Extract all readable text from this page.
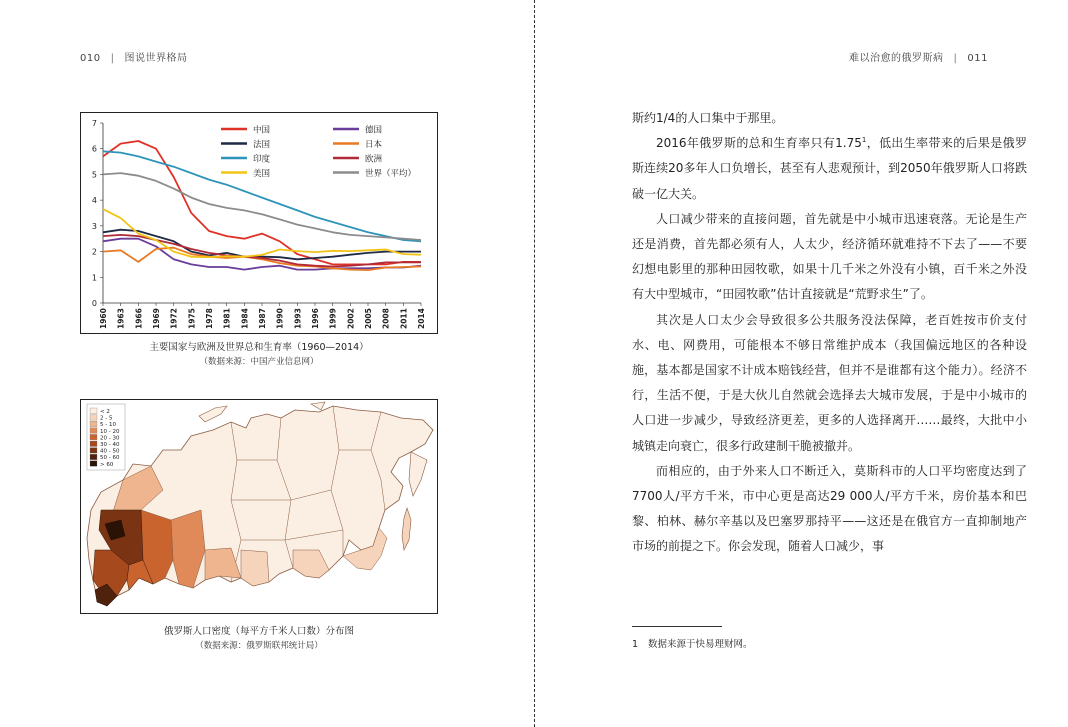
010 | 图说世界格局
0
1
2
3
4
5
6
7
1960 1963 1966 1969 1972 1975 1978 1981 1984 1987 1990 1993 1996 1999 2002 2005 2008 2011 2014
中国	德国
法国	日本
印度	欧洲
美国	世界（平均）
主要国家与欧洲及世界总和生育率（1960—2014）
（数据来源：中国产业信息网）
< 2
2 - 5
5 - 10
10 - 20
20 - 30
30 - 40
40 - 50
50 - 60
> 60
俄罗斯人口密度（每平方千米人口数）分布图
（数据来源：俄罗斯联邦统计局）
难以治愈的俄罗斯病 | 011

斯约1/4的人口集中于那里。

2016年俄罗斯的总和生育率只有1.75$^1$，低出生率带来的后果是俄罗斯连续20多年人口负增长，甚至有人悲观预计，到2050年俄罗斯人口将跌破一亿大关。

人口减少带来的直接问题，首先就是中小城市迅速衰落。无论是生产还是消费，首先都必须有人，人太少，经济循环就难持不下去了——不要幻想电影里的那种田园牧歌，如果十几千米之外没有小镇，百千米之外没有大中型城市，“田园牧歌”估计直接就是“荒野求生”了。

其次是人口太少会导致很多公共服务没法保障，老百姓按市价支付水、电、网费用，可能根本不够日常维护成本（我国偏远地区的各种设施，基本都是国家不计成本赔钱经营，但并不是谁都有这个能力）。经济不行，生活不便，于是大伙儿自然就会选择去大城市发展，于是中小城市的人口进一步减少，导致经济更差，更多的人选择离开……最终，大批中小城镇走向衰亡，很多行政建制干脆被撤并。

而相应的，由于外来人口不断迁入，莫斯科市的人口平均密度达到了7700人/平方千米，市中心更是高达29 000人/平方千米，房价基本和巴黎、柏林、赫尔辛基以及巴塞罗那持平——这还是在俄官方一直抑制地产市场的前提之下。你会发现，随着人口减少，事

1 数据来源于快易理财网。
